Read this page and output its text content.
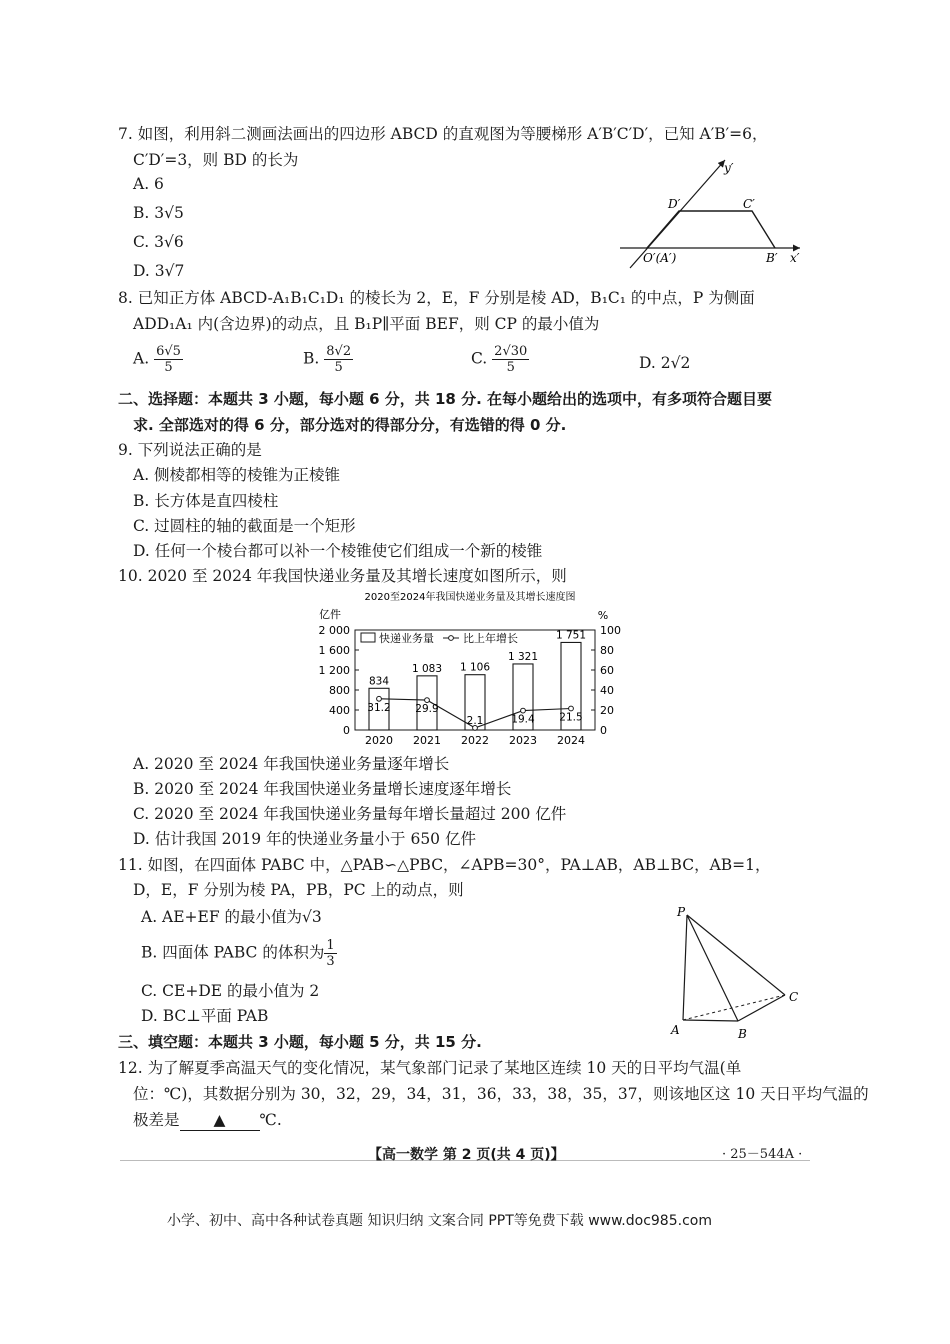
7. 如图，利用斜二测画法画出的四边形 ABCD 的直观图为等腰梯形 A′B′C′D′，已知 A′B′=6，
C′D′=3，则 BD 的长为
A. 6
B. 3√5
C. 3√6
D. 3√7
y′
x′
O′(A′)	B′
C′
D′
8. 已知正方体 ABCD-A₁B₁C₁D₁ 的棱长为 2，E，F 分别是棱 AD，B₁C₁ 的中点，P 为侧面
ADD₁A₁ 内(含边界)的动点，且 B₁P∥平面 BEF，则 CP 的最小值为
A. $\frac{6√5}{5}$	B. $\frac{8√2}{5}$	C. $\frac{2√30}{5}$	D. 2√2
二、选择题：本题共 3 小题，每小题 6 分，共 18 分. 在每小题给出的选项中，有多项符合题目要
求. 全部选对的得 6 分，部分选对的得部分分，有选错的得 0 分.
9. 下列说法正确的是
A. 侧棱都相等的棱锥为正棱锥
B. 长方体是直四棱柱
C. 过圆柱的轴的截面是一个矩形
D. 任何一个棱台都可以补一个棱锥使它们组成一个新的棱锥
10. 2020 至 2024 年我国快递业务量及其增长速度如图所示，则
2020至2024年我国快递业务量及其增长速度图
亿件	%
0
400
800
1 200
1 600
2 000
0
20
40
60
80
100
2020 2021 2022 2023 2024
834
1 083 1 106
1 321
1 751
31.2 29.9
2.1	19.4 21.5
快递业务量	比上年增长
A. 2020 至 2024 年我国快递业务量逐年增长
B. 2020 至 2024 年我国快递业务量增长速度逐年增长
C. 2020 至 2024 年我国快递业务量每年增长量超过 200 亿件
D. 估计我国 2019 年的快递业务量小于 650 亿件
11. 如图，在四面体 PABC 中，△PAB∽△PBC，∠APB=30°，PA⊥AB，AB⊥BC，AB=1，
D，E，F 分别为棱 PA，PB，PC 上的动点，则
A. AE+EF 的最小值为√3
B. 四面体 PABC 的体积为 $\frac{1}{3}$
C. CE+DE 的最小值为 2
D. BC⊥平面 PAB
P
A	B
C
三、填空题：本题共 3 小题，每小题 5 分，共 15 分.
12. 为了解夏季高温天气的变化情况，某气象部门记录了某地区连续 10 天的日平均气温(单
位：℃)，其数据分别为 30，32，29，34，31，36，33，38，35，37，则该地区这 10 天日平均气温的
极差是 ▲ ℃.
【高一数学 第 2 页(共 4 页)】	· 25－544A ·
小学、初中、高中各种试卷真题 知识归纳 文案合同 PPT等免费下载 www.doc985.com
